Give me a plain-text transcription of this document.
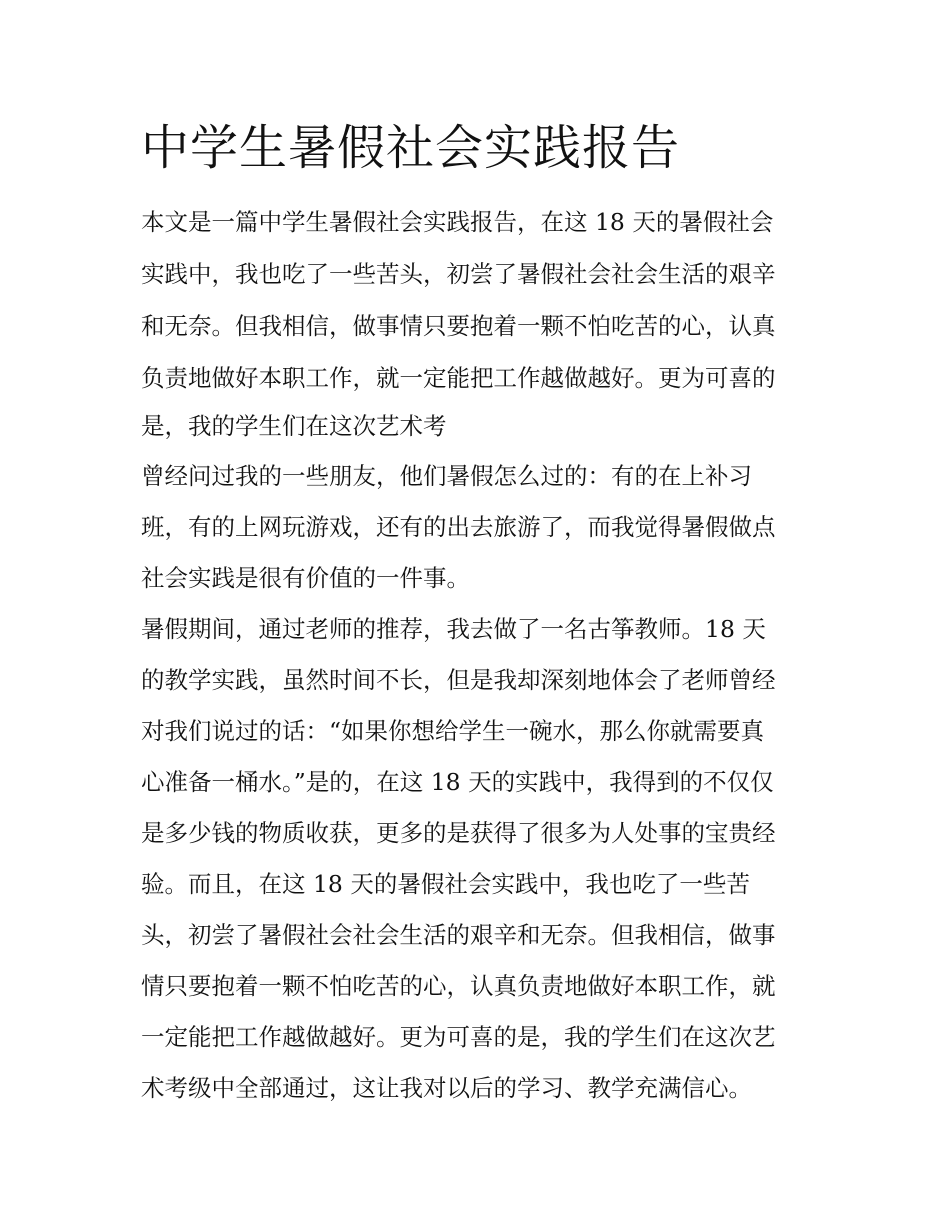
中学生暑假社会实践报告

本文是一篇中学生暑假社会实践报告，在这 18 天的暑假社会

实践中，我也吃了一些苦头，初尝了暑假社会社会生活的艰辛

和无奈。但我相信，做事情只要抱着一颗不怕吃苦的心，认真

负责地做好本职工作，就一定能把工作越做越好。更为可喜的

是，我的学生们在这次艺术考

曾经问过我的一些朋友，他们暑假怎么过的：有的在上补习

班，有的上网玩游戏，还有的出去旅游了，而我觉得暑假做点

社会实践是很有价值的一件事。

暑假期间，通过老师的推荐，我去做了一名古筝教师。18 天

的教学实践，虽然时间不长，但是我却深刻地体会了老师曾经

对我们说过的话：“如果你想给学生一碗水，那么你就需要真

心准备一桶水。”是的，在这 18 天的实践中，我得到的不仅仅

是多少钱的物质收获，更多的是获得了很多为人处事的宝贵经

验。而且，在这 18 天的暑假社会实践中，我也吃了一些苦

头，初尝了暑假社会社会生活的艰辛和无奈。但我相信，做事

情只要抱着一颗不怕吃苦的心，认真负责地做好本职工作，就

一定能把工作越做越好。更为可喜的是，我的学生们在这次艺

术考级中全部通过，这让我对以后的学习、教学充满信心。
